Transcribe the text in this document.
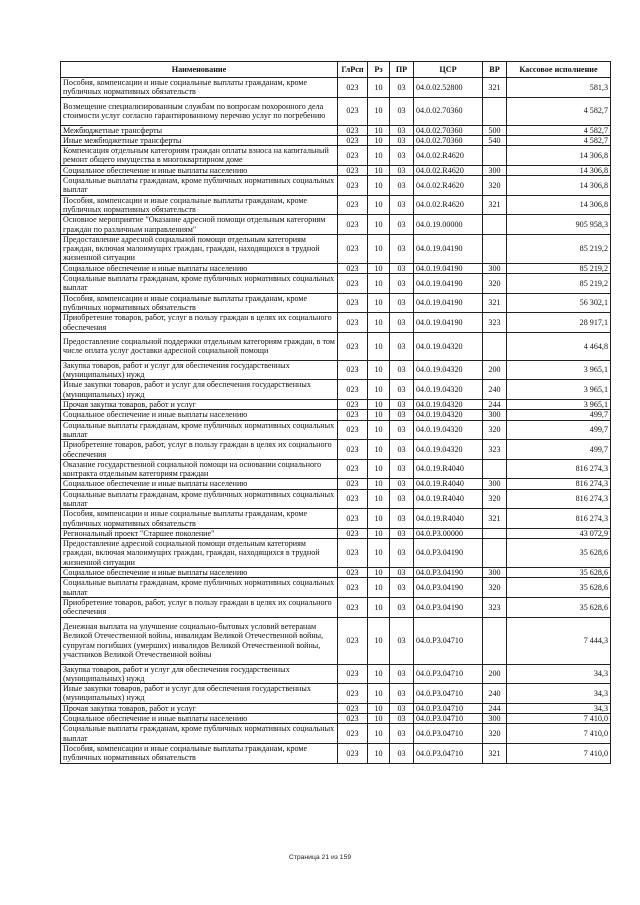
Наименование	ГлРсп	Рз	ПР	ЦСР	ВР	Кассовое исполнение
Пособия, компенсации и иные социальные выплаты гражданам, кроме публичных нормативных обязательств	023	10	03	04.0.02.52800	321	581,3
Возмещение специализированным службам по вопросам похоронного дела стоимости услуг согласно гарантированному перечню услуг по погребению	023	10	03	04.0.02.70360		4 582,7
Межбюджетные трансферты	023	10	03	04.0.02.70360	500	4 582,7
Иные межбюджетные трансферты	023	10	03	04.0.02.70360	540	4 582,7
Компенсация отдельным категориям граждан оплаты взноса на капитальный ремонт общего имущества в многоквартирном доме	023	10	03	04.0.02.R4620		14 306,8
Социальное обеспечение и иные выплаты населению	023	10	03	04.0.02.R4620	300	14 306,8
Социальные выплаты гражданам, кроме публичных нормативных социальных выплат	023	10	03	04.0.02.R4620	320	14 306,8
Пособия, компенсации и иные социальные выплаты гражданам, кроме публичных нормативных обязательств	023	10	03	04.0.02.R4620	321	14 306,8
Основное мероприятие "Оказание адресной помощи отдельным категориям граждан по различным направлениям"	023	10	03	04.0.19.00000		905 958,3
Предоставление адресной социальной помощи отдельным категориям граждан, включая малоимущих граждан, граждан, находящихся в трудной жизненной ситуации	023	10	03	04.0.19.04190		85 219,2
Социальное обеспечение и иные выплаты населению	023	10	03	04.0.19.04190	300	85 219,2
Социальные выплаты гражданам, кроме публичных нормативных социальных выплат	023	10	03	04.0.19.04190	320	85 219,2
Пособия, компенсации и иные социальные выплаты гражданам, кроме публичных нормативных обязательств	023	10	03	04.0.19.04190	321	56 302,1
Приобретение товаров, работ, услуг в пользу граждан в целях их социального обеспечения	023	10	03	04.0.19.04190	323	28 917,1
Предоставление социальной поддержки отдельным категориям граждан, в том числе оплата услуг доставки адресной социальной помощи	023	10	03	04.0.19.04320		4 464,8
Закупка товаров, работ и услуг для обеспечения государственных (муниципальных) нужд	023	10	03	04.0.19.04320	200	3 965,1
Иные закупки товаров, работ и услуг для обеспечения государственных (муниципальных) нужд	023	10	03	04.0.19.04320	240	3 965,1
Прочая закупка товаров, работ и услуг	023	10	03	04.0.19.04320	244	3 965,1
Социальное обеспечение и иные выплаты населению	023	10	03	04.0.19.04320	300	499,7
Социальные выплаты гражданам, кроме публичных нормативных социальных выплат	023	10	03	04.0.19.04320	320	499,7
Приобретение товаров, работ, услуг в пользу граждан в целях их социального обеспечения	023	10	03	04.0.19.04320	323	499,7
Оказание государственной социальной помощи на основании социального контракта отдельным категориям граждан	023	10	03	04.0.19.R4040		816 274,3
Социальное обеспечение и иные выплаты населению	023	10	03	04.0.19.R4040	300	816 274,3
Социальные выплаты гражданам, кроме публичных нормативных социальных выплат	023	10	03	04.0.19.R4040	320	816 274,3
Пособия, компенсации и иные социальные выплаты гражданам, кроме публичных нормативных обязательств	023	10	03	04.0.19.R4040	321	816 274,3
Региональный проект "Старшее поколение"	023	10	03	04.0.P3.00000		43 072,9
Предоставление адресной социальной помощи отдельным категориям граждан, включая малоимущих граждан, граждан, находящихся в трудной жизненной ситуации	023	10	03	04.0.P3.04190		35 628,6
Социальное обеспечение и иные выплаты населению	023	10	03	04.0.P3.04190	300	35 628,6
Социальные выплаты гражданам, кроме публичных нормативных социальных выплат	023	10	03	04.0.P3.04190	320	35 628,6
Приобретение товаров, работ, услуг в пользу граждан в целях их социального обеспечения	023	10	03	04.0.P3.04190	323	35 628,6
Денежная выплата на улучшение социально-бытовых условий ветеранам Великой Отечественной войны, инвалидам Великой Отечественной войны, супругам погибших (умерших) инвалидов Великой Отечественной войны, участников Великой Отечественной войны	023	10	03	04.0.P3.04710		7 444,3
Закупка товаров, работ и услуг для обеспечения государственных (муниципальных) нужд	023	10	03	04.0.P3.04710	200	34,3
Иные закупки товаров, работ и услуг для обеспечения государственных (муниципальных) нужд	023	10	03	04.0.P3.04710	240	34,3
Прочая закупка товаров, работ и услуг	023	10	03	04.0.P3.04710	244	34,3
Социальное обеспечение и иные выплаты населению	023	10	03	04.0.P3.04710	300	7 410,0
Социальные выплаты гражданам, кроме публичных нормативных социальных выплат	023	10	03	04.0.P3.04710	320	7 410,0
Пособия, компенсации и иные социальные выплаты гражданам, кроме публичных нормативных обязательств	023	10	03	04.0.P3.04710	321	7 410,0
Страница 21 из 159
